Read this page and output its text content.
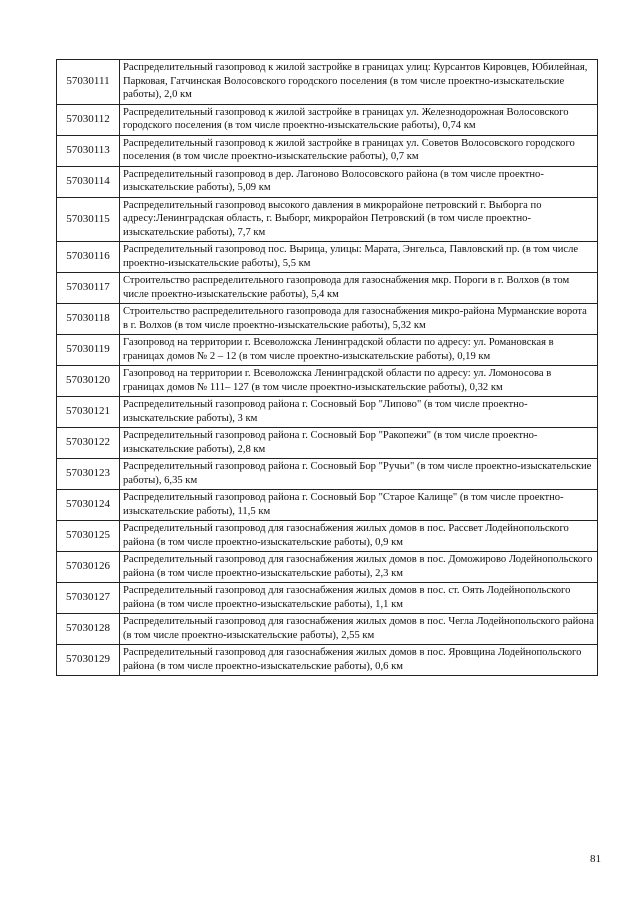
57030111	Распределительный газопровод к жилой застройке в границах улиц: Курсантов Кировцев, Юбилейная, Парковая, Гатчинская Волосовского городского поселения (в том числе проектно-изыскательские работы), 2,0 км
57030112	Распределительный газопровод к жилой застройке в границах ул. Железнодорожная Волосовского городского поселения (в том числе проектно-изыскательские работы), 0,74 км
57030113	Распределительный газопровод к жилой застройке в границах ул. Советов Волосовского городского поселения (в том числе проектно-изыскательские работы), 0,7 км
57030114	Распределительный газопровод в дер. Лагоново Волосовского района (в том числе проектно-изыскательские работы), 5,09 км
57030115	Распределительный газопровод высокого давления в микрорайоне петровский г. Выборга по адресу:Ленинградская область, г. Выборг, микрорайон Петровский (в том числе проектно-изыскательские работы), 7,7 км
57030116	Распределительный газопровод пос. Вырица, улицы: Марата, Энгельса, Павловский пр. (в том числе проектно-изыскательские работы), 5,5 км
57030117	Строительство распределительного газопровода для газоснабжения мкр. Пороги в г. Волхов (в том числе проектно-изыскательские работы), 5,4 км
57030118	Строительство распределительного газопровода для газоснабжения микро-района Мурманские ворота в г. Волхов (в том числе проектно-изыскательские работы), 5,32 км
57030119	Газопровод на территории г. Всеволожска Ленинградской области по адресу: ул. Романовская в границах домов № 2 – 12 (в том числе проектно-изыскательские работы), 0,19 км
57030120	Газопровод на территории г. Всеволожска Ленинградской области по адресу: ул. Ломоносова в границах домов № 111– 127 (в том числе проектно-изыскательские работы), 0,32 км
57030121	Распределительный газопровод района г. Сосновый Бор "Липово" (в том числе проектно-изыскательские работы), 3 км
57030122	Распределительный газопровод района г. Сосновый Бор "Ракопежи" (в том числе проектно-изыскательские работы), 2,8 км
57030123	Распределительный газопровод района г. Сосновый Бор "Ручьи" (в том числе проектно-изыскательские работы), 6,35 км
57030124	Распределительный газопровод района г. Сосновый Бор "Старое Калище" (в том числе проектно-изыскательские работы), 11,5 км
57030125	Распределительный газопровод для газоснабжения жилых домов в пос. Рассвет Лодейнопольского района (в том числе проектно-изыскательские работы), 0,9 км
57030126	Распределительный газопровод для газоснабжения жилых домов в пос. Доможирово Лодейнопольского района (в том числе проектно-изыскательские работы), 2,3 км
57030127	Распределительный газопровод для газоснабжения жилых домов в пос. ст. Оять Лодейнопольского района (в том числе проектно-изыскательские работы), 1,1 км
57030128	Распределительный газопровод для газоснабжения жилых домов в пос. Чегла Лодейнопольского района (в том числе проектно-изыскательские работы), 2,55 км
57030129	Распределительный газопровод для газоснабжения жилых домов в пос. Яровщина Лодейнопольского района (в том числе проектно-изыскательские работы), 0,6 км
81
